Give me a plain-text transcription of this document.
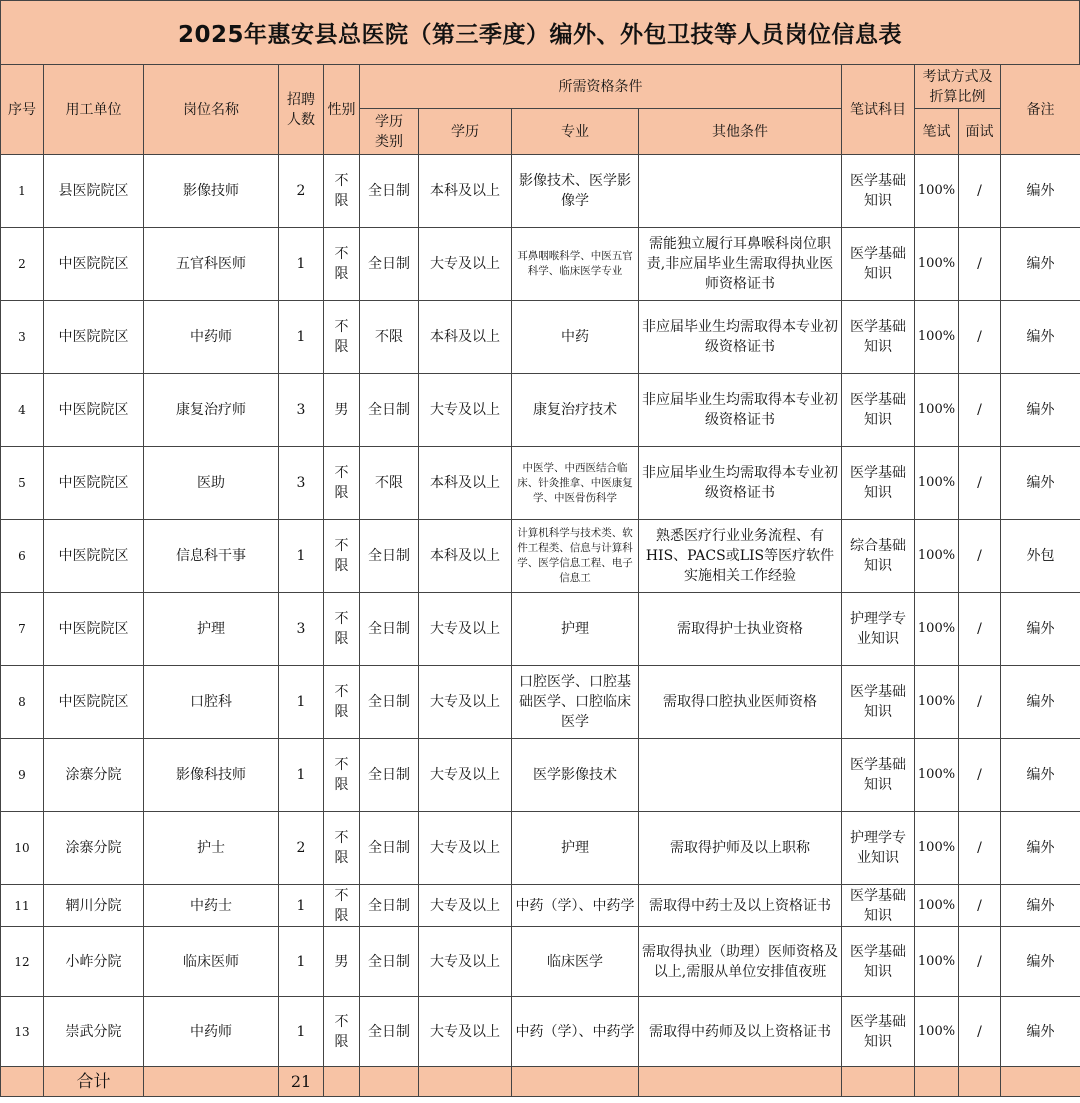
2025年惠安县总医院（第三季度）编外、外包卫技等人员岗位信息表
序号	用工单位	岗位名称	招聘人数	性别	所需资格条件				笔试科目	考试方式及折算比例		备注

					学历类别	学历	专业	其他条件		笔试	面试	

1	县医院院区	影像技师	2	不限	全日制	本科及以上	影像技术、医学影像学		医学基础知识	100%	/	编外

2	中医院院区	五官科医师	1	不限	全日制	大专及以上	耳鼻咽喉科学、中医五官科学、临床医学专业	需能独立履行耳鼻喉科岗位职责,非应届毕业生需取得执业医师资格证书	医学基础知识	100%	/	编外

3	中医院院区	中药师	1	不限	不限	本科及以上	中药	非应届毕业生均需取得本专业初级资格证书	医学基础知识	100%	/	编外

4	中医院院区	康复治疗师	3	男	全日制	大专及以上	康复治疗技术	非应届毕业生均需取得本专业初级资格证书	医学基础知识	100%	/	编外

5	中医院院区	医助	3	不限	不限	本科及以上	中医学、中西医结合临床、针灸推拿、中医康复学、中医骨伤科学	非应届毕业生均需取得本专业初级资格证书	医学基础知识	100%	/	编外

6	中医院院区	信息科干事	1	不限	全日制	本科及以上	计算机科学与技术类、软件工程类、信息与计算科学、医学信息工程、电子信息工	熟悉医疗行业业务流程、有HIS、PACS或LIS等医疗软件实施相关工作经验	综合基础知识	100%	/	外包

7	中医院院区	护理	3	不限	全日制	大专及以上	护理	需取得护士执业资格	护理学专业知识	100%	/	编外

8	中医院院区	口腔科	1	不限	全日制	大专及以上	口腔医学、口腔基础医学、口腔临床医学	需取得口腔执业医师资格	医学基础知识	100%	/	编外

9	涂寨分院	影像科技师	1	不限	全日制	大专及以上	医学影像技术		医学基础知识	100%	/	编外

10	涂寨分院	护士	2	不限	全日制	大专及以上	护理	需取得护师及以上职称	护理学专业知识	100%	/	编外

11	辋川分院	中药士	1	不限	全日制	大专及以上	中药（学）、中药学	需取得中药士及以上资格证书	医学基础知识	100%	/	编外

12	小岞分院	临床医师	1	男	全日制	大专及以上	临床医学	需取得执业（助理）医师资格及以上,需服从单位安排值夜班	医学基础知识	100%	/	编外

13	崇武分院	中药师	1	不限	全日制	大专及以上	中药（学）、中药学	需取得中药师及以上资格证书	医学基础知识	100%	/	编外

	合计		21									
